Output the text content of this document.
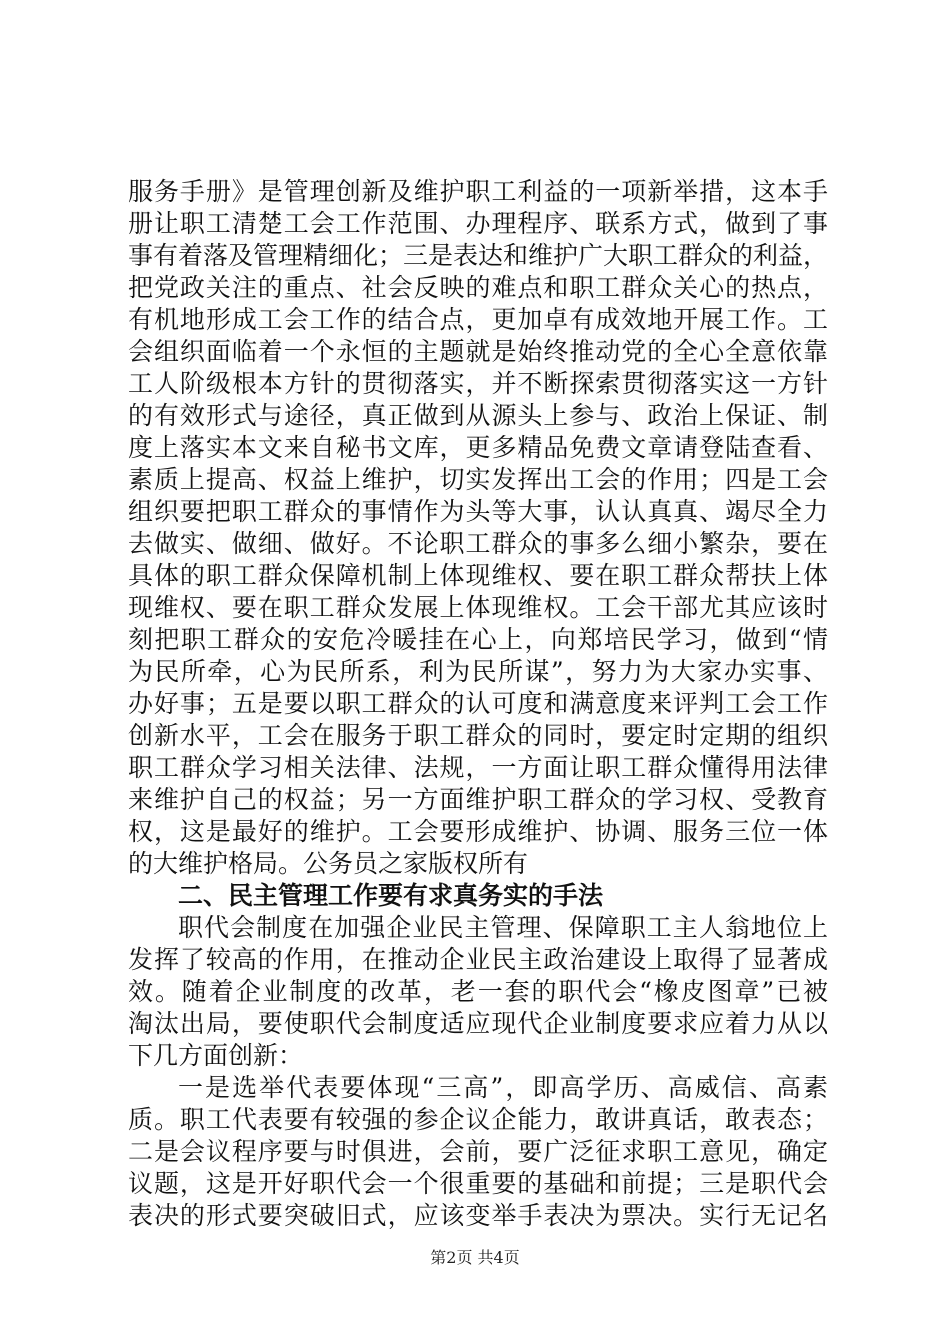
服务手册》是管理创新及维护职工利益的一项新举措，这本手
册让职工清楚工会工作范围、办理程序、联系方式，做到了事
事有着落及管理精细化；三是表达和维护广大职工群众的利益，
把党政关注的重点、社会反映的难点和职工群众关心的热点，
有机地形成工会工作的结合点，更加卓有成效地开展工作。工
会组织面临着一个永恒的主题就是始终推动党的全心全意依靠
工人阶级根本方针的贯彻落实，并不断探索贯彻落实这一方针
的有效形式与途径，真正做到从源头上参与、政治上保证、制
度上落实本文来自秘书文库，更多精品免费文章请登陆查看、
素质上提高、权益上维护，切实发挥出工会的作用；四是工会
组织要把职工群众的事情作为头等大事，认认真真、竭尽全力
去做实、做细、做好。不论职工群众的事多么细小繁杂，要在
具体的职工群众保障机制上体现维权、要在职工群众帮扶上体
现维权、要在职工群众发展上体现维权。工会干部尤其应该时
刻把职工群众的安危冷暖挂在心上，向郑培民学习，做到“情
为民所牵，心为民所系，利为民所谋”，努力为大家办实事、
办好事；五是要以职工群众的认可度和满意度来评判工会工作
创新水平，工会在服务于职工群众的同时，要定时定期的组织
职工群众学习相关法律、法规，一方面让职工群众懂得用法律
来维护自己的权益；另一方面维护职工群众的学习权、受教育
权，这是最好的维护。工会要形成维护、协调、服务三位一体
的大维护格局。公务员之家版权所有
二、民主管理工作要有求真务实的手法
职代会制度在加强企业民主管理、保障职工主人翁地位上
发挥了较高的作用，在推动企业民主政治建设上取得了显著成
效。随着企业制度的改革，老一套的职代会“橡皮图章”已被
淘汰出局，要使职代会制度适应现代企业制度要求应着力从以
下几方面创新：
一是选举代表要体现“三高”，即高学历、高威信、高素
质。职工代表要有较强的参企议企能力，敢讲真话，敢表态；
二是会议程序要与时俱进，会前，要广泛征求职工意见，确定
议题，这是开好职代会一个很重要的基础和前提；三是职代会
表决的形式要突破旧式，应该变举手表决为票决。实行无记名
第2页 共4页
